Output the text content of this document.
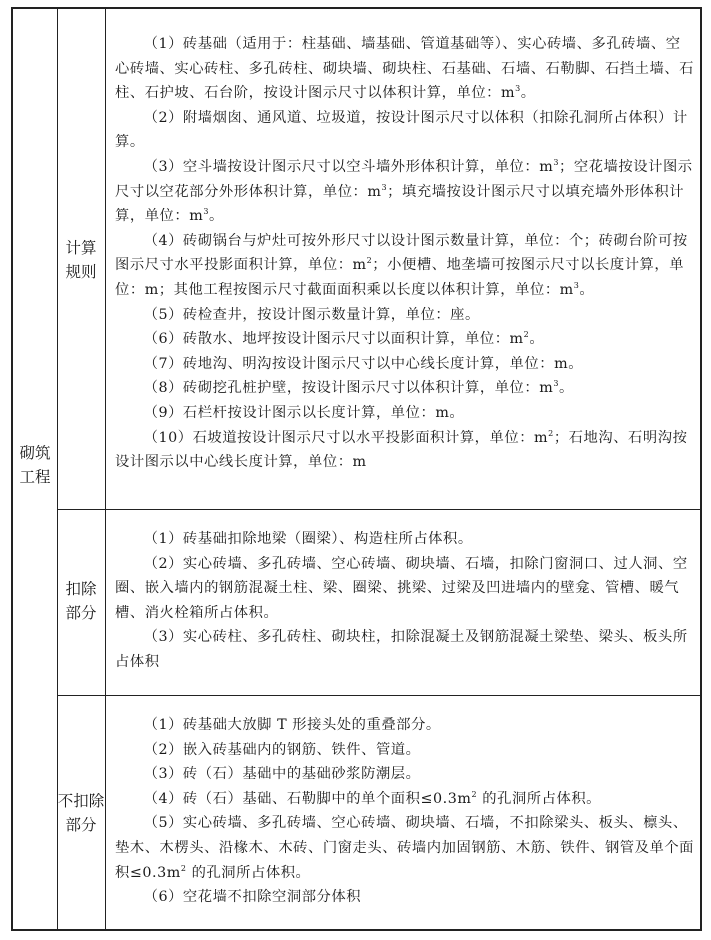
砌筑
工程
计算
规则

（1）砖基础（适用于：柱基础、墙基础、管道基础等）、实心砖墙、多孔砖墙、空心砖墙、实心砖柱、多孔砖柱、砌块墙、砌块柱、石基础、石墙、石勒脚、石挡土墙、石柱、石护坡、石台阶，按设计图示尺寸以体积计算，单位：$m^3$。

（2）附墙烟囱、通风道、垃圾道，按设计图示尺寸以体积（扣除孔洞所占体积）计算。

（3）空斗墙按设计图示尺寸以空斗墙外形体积计算，单位：$m^3$；空花墙按设计图示尺寸以空花部分外形体积计算，单位：$m^3$；填充墙按设计图示尺寸以填充墙外形体积计算，单位：$m^3$。

（4）砖砌锅台与炉灶可按外形尺寸以设计图示数量计算，单位：个；砖砌台阶可按图示尺寸水平投影面积计算，单位：$m^2$；小便槽、地垄墙可按图示尺寸以长度计算，单位：m；其他工程按图示尺寸截面面积乘以长度以体积计算，单位：$m^3$。

（5）砖检查井，按设计图示数量计算，单位：座。

（6）砖散水、地坪按设计图示尺寸以面积计算，单位：$m^2$。

（7）砖地沟、明沟按设计图示尺寸以中心线长度计算，单位：m。

（8）砖砌挖孔桩护壁，按设计图示尺寸以体积计算，单位：$m^3$。

（9）石栏杆按设计图示以长度计算，单位：m。

（10）石坡道按设计图示尺寸以水平投影面积计算，单位：$m^2$；石地沟、石明沟按设计图示以中心线长度计算，单位：m

扣除
部分

（1）砖基础扣除地梁（圈梁）、构造柱所占体积。

（2）实心砖墙、多孔砖墙、空心砖墙、砌块墙、石墙，扣除门窗洞口、过人洞、空圈、嵌入墙内的钢筋混凝土柱、梁、圈梁、挑梁、过梁及凹进墙内的壁龛、管槽、暖气槽、消火栓箱所占体积。

（3）实心砖柱、多孔砖柱、砌块柱，扣除混凝土及钢筋混凝土梁垫、梁头、板头所占体积

不扣除
部分

（1）砖基础大放脚 T 形接头处的重叠部分。

（2）嵌入砖基础内的钢筋、铁件、管道。

（3）砖（石）基础中的基础砂浆防潮层。

（4）砖（石）基础、石勒脚中的单个面积$\le 0.3m^2$ 的孔洞所占体积。

（5）实心砖墙、多孔砖墙、空心砖墙、砌块墙、石墙，不扣除梁头、板头、檩头、垫木、木楞头、沿椽木、木砖、门窗走头、砖墙内加固钢筋、木筋、铁件、钢管及单个面积$\le 0.3m^2$ 的孔洞所占体积。

（6）空花墙不扣除空洞部分体积
